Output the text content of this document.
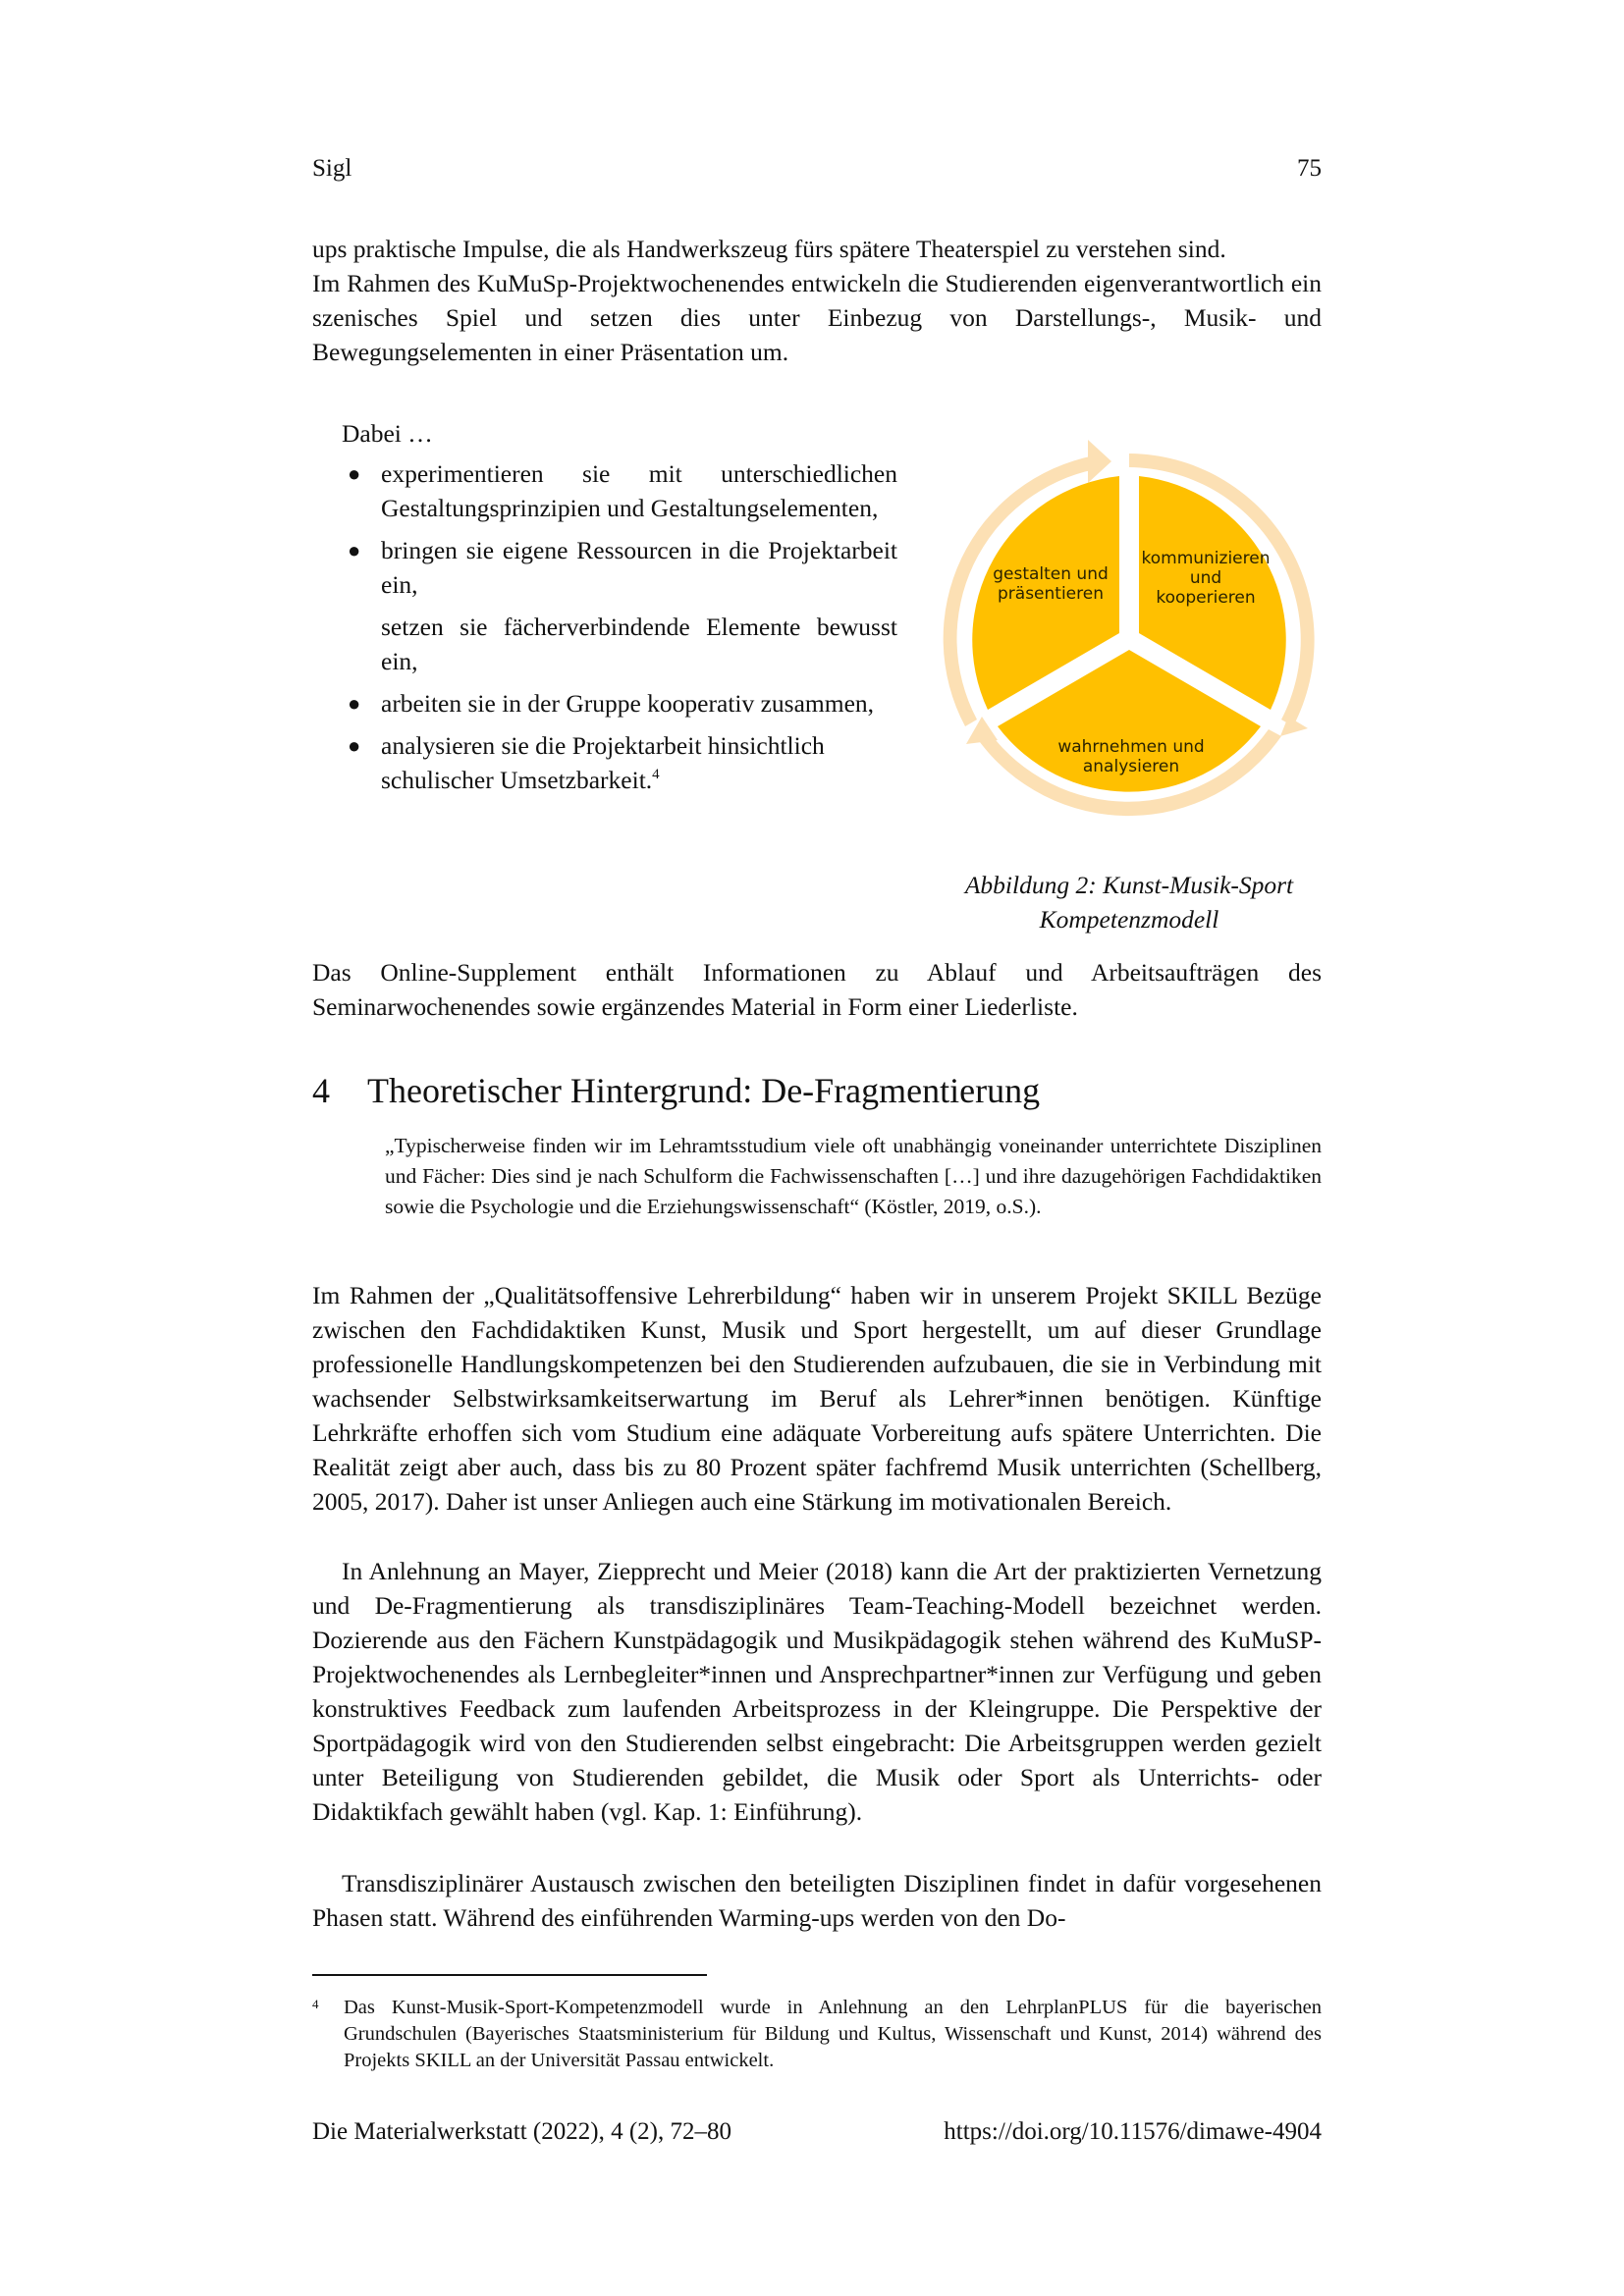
Sigl	75
ups praktische Impulse, die als Handwerkszeug fürs spätere Theaterspiel zu verstehen sind.
Im Rahmen des KuMuSp-Projektwochenendes entwickeln die Studierenden eigenverantwortlich ein szenisches Spiel und setzen dies unter Einbezug von Darstellungs-, Musik- und Bewegungselementen in einer Präsentation um.
Dabei …
● experimentieren sie mit unterschiedlichen Gestaltungsprinzipien und Gestaltungselementen,
● bringen sie eigene Ressourcen in die Projektarbeit ein,
setzen sie fächerverbindende Elemente bewusst ein,
● arbeiten sie in der Gruppe kooperativ zusammen,
● analysieren sie die Projektarbeit hinsichtlich
schulischer Umsetzbarkeit.$^4$
gestalten und
präsentieren
kommunizieren
und
kooperieren
wahrnehmen und
analysieren
Abbildung 2: Kunst-Musik-Sport
Kompetenzmodell
Das Online-Supplement enthält Informationen zu Ablauf und Arbeitsaufträgen des Seminarwochenendes sowie ergänzendes Material in Form einer Liederliste.
4 Theoretischer Hintergrund: De-Fragmentierung
„Typischerweise finden wir im Lehramtsstudium viele oft unabhängig voneinander unterrichtete Disziplinen und Fächer: Dies sind je nach Schulform die Fachwissenschaften […] und ihre dazugehörigen Fachdidaktiken sowie die Psychologie und die Erziehungswissenschaft“ (Köstler, 2019, o.S.).
Im Rahmen der „Qualitätsoffensive Lehrerbildung“ haben wir in unserem Projekt SKILL Bezüge zwischen den Fachdidaktiken Kunst, Musik und Sport hergestellt, um auf dieser Grundlage professionelle Handlungskompetenzen bei den Studierenden aufzubauen, die sie in Verbindung mit wachsender Selbstwirksamkeitserwartung im Beruf als Lehrer*innen benötigen. Künftige Lehrkräfte erhoffen sich vom Studium eine adäquate Vorbereitung aufs spätere Unterrichten. Die Realität zeigt aber auch, dass bis zu 80 Prozent später fachfremd Musik unterrichten (Schellberg, 2005, 2017). Daher ist unser Anliegen auch eine Stärkung im motivationalen Bereich.
In Anlehnung an Mayer, Ziepprecht und Meier (2018) kann die Art der praktizierten Vernetzung und De-Fragmentierung als transdisziplinäres Team-Teaching-Modell bezeichnet werden. Dozierende aus den Fächern Kunstpädagogik und Musikpädagogik stehen während des KuMuSP-Projektwochenendes als Lernbegleiter*innen und Ansprechpartner*innen zur Verfügung und geben konstruktives Feedback zum laufenden Arbeitsprozess in der Kleingruppe. Die Perspektive der Sportpädagogik wird von den Studierenden selbst eingebracht: Die Arbeitsgruppen werden gezielt unter Beteiligung von Studierenden gebildet, die Musik oder Sport als Unterrichts- oder Didaktikfach gewählt haben (vgl. Kap. 1: Einführung).
Transdisziplinärer Austausch zwischen den beteiligten Disziplinen findet in dafür vorgesehenen Phasen statt. Während des einführenden Warming-ups werden von den Do-
4 Das Kunst-Musik-Sport-Kompetenzmodell wurde in Anlehnung an den LehrplanPLUS für die bayerischen Grundschulen (Bayerisches Staatsministerium für Bildung und Kultus, Wissenschaft und Kunst, 2014) während des Projekts SKILL an der Universität Passau entwickelt.
Die Materialwerkstatt (2022), 4 (2), 72–80	https://doi.org/10.11576/dimawe-4904
